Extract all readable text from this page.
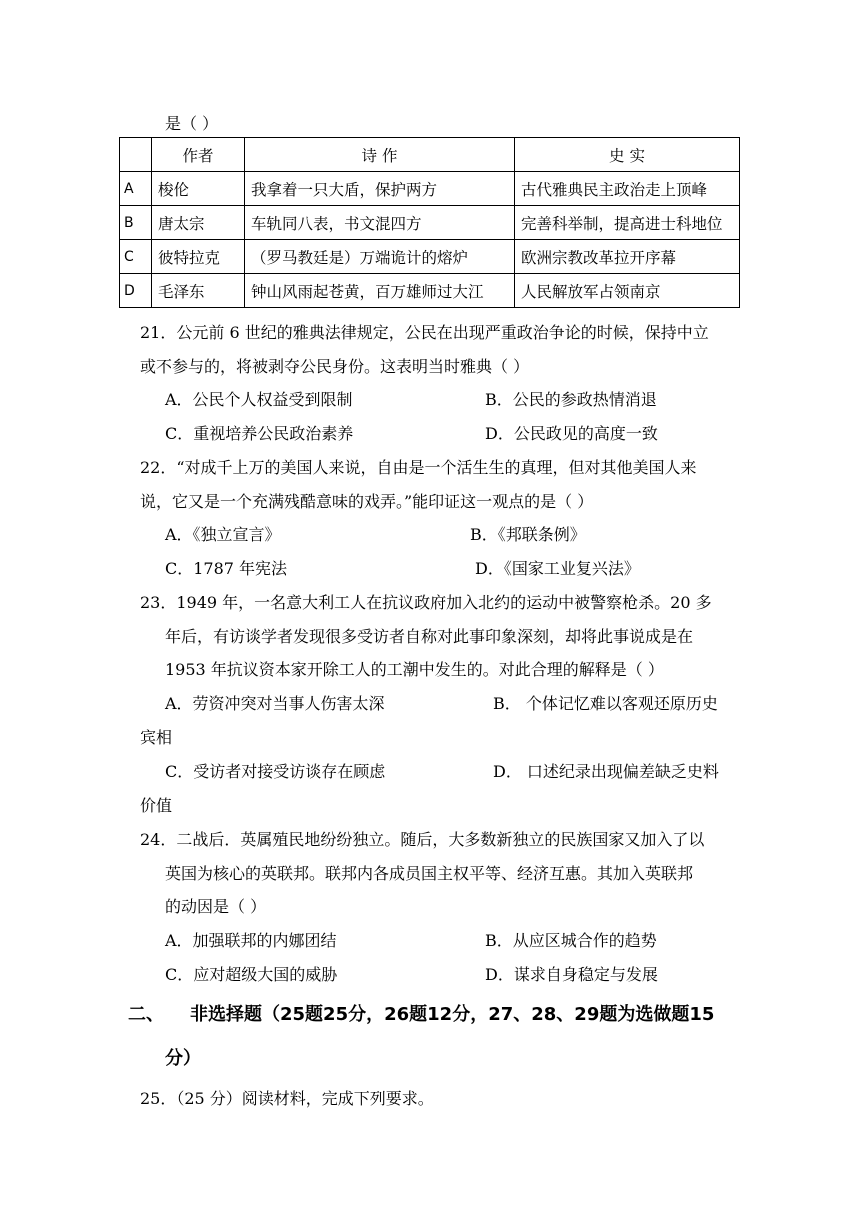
是（ ）
	作者	诗 作	史 实
A	梭伦	我拿着一只大盾，保护两方	古代雅典民主政治走上顶峰
B	唐太宗	车轨同八表，书文混四方	完善科举制，提高进士科地位
C	彼特拉克	（罗马教廷是）万端诡计的熔炉	欧洲宗教改革拉开序幕
D	毛泽东	钟山风雨起苍黄，百万雄师过大江	人民解放军占领南京
21．公元前 6 世纪的雅典法律规定，公民在出现严重政治争论的时候，保持中立
或不参与的，将被剥夺公民身份。这表明当时雅典（ ）
A．公民个人权益受到限制	B．公民的参政热情消退
C．重视培养公民政治素养	D．公民政见的高度一致
22．“对成千上万的美国人来说，自由是一个活生生的真理，但对其他美国人来
说，它又是一个充满残酷意味的戏弄。”能印证这一观点的是（ ）
A．《独立宣言》	B．《邦联条例》
C．1787 年宪法	D．《国家工业复兴法》
23．1949 年，一名意大利工人在抗议政府加入北约的运动中被警察枪杀。20 多
年后，有访谈学者发现很多受访者自称对此事印象深刻，却将此事说成是在
1953 年抗议资本家开除工人的工潮中发生的。对此合理的解释是（ ）
A．劳资冲突对当事人伤害太深	B． 个体记忆难以客观还原历史
宾相
C．受访者对接受访谈存在顾虑	D． 口述纪录出现偏差缺乏史料
价值
24．二战后．英属殖民地纷纷独立。随后，大多数新独立的民族国家又加入了以
英国为核心的英联邦。联邦内各成员国主权平等、经济互惠。其加入英联邦
的动因是（ ）
A．加强联邦的内娜团结	B．从应区城合作的趋势
C．应对超级大国的威胁	D．谋求自身稳定与发展
二、 非选择题（25题25分，26题12分，27、28、29题为选做题15
分）
25．（25 分）阅读材料，完成下列要求。
